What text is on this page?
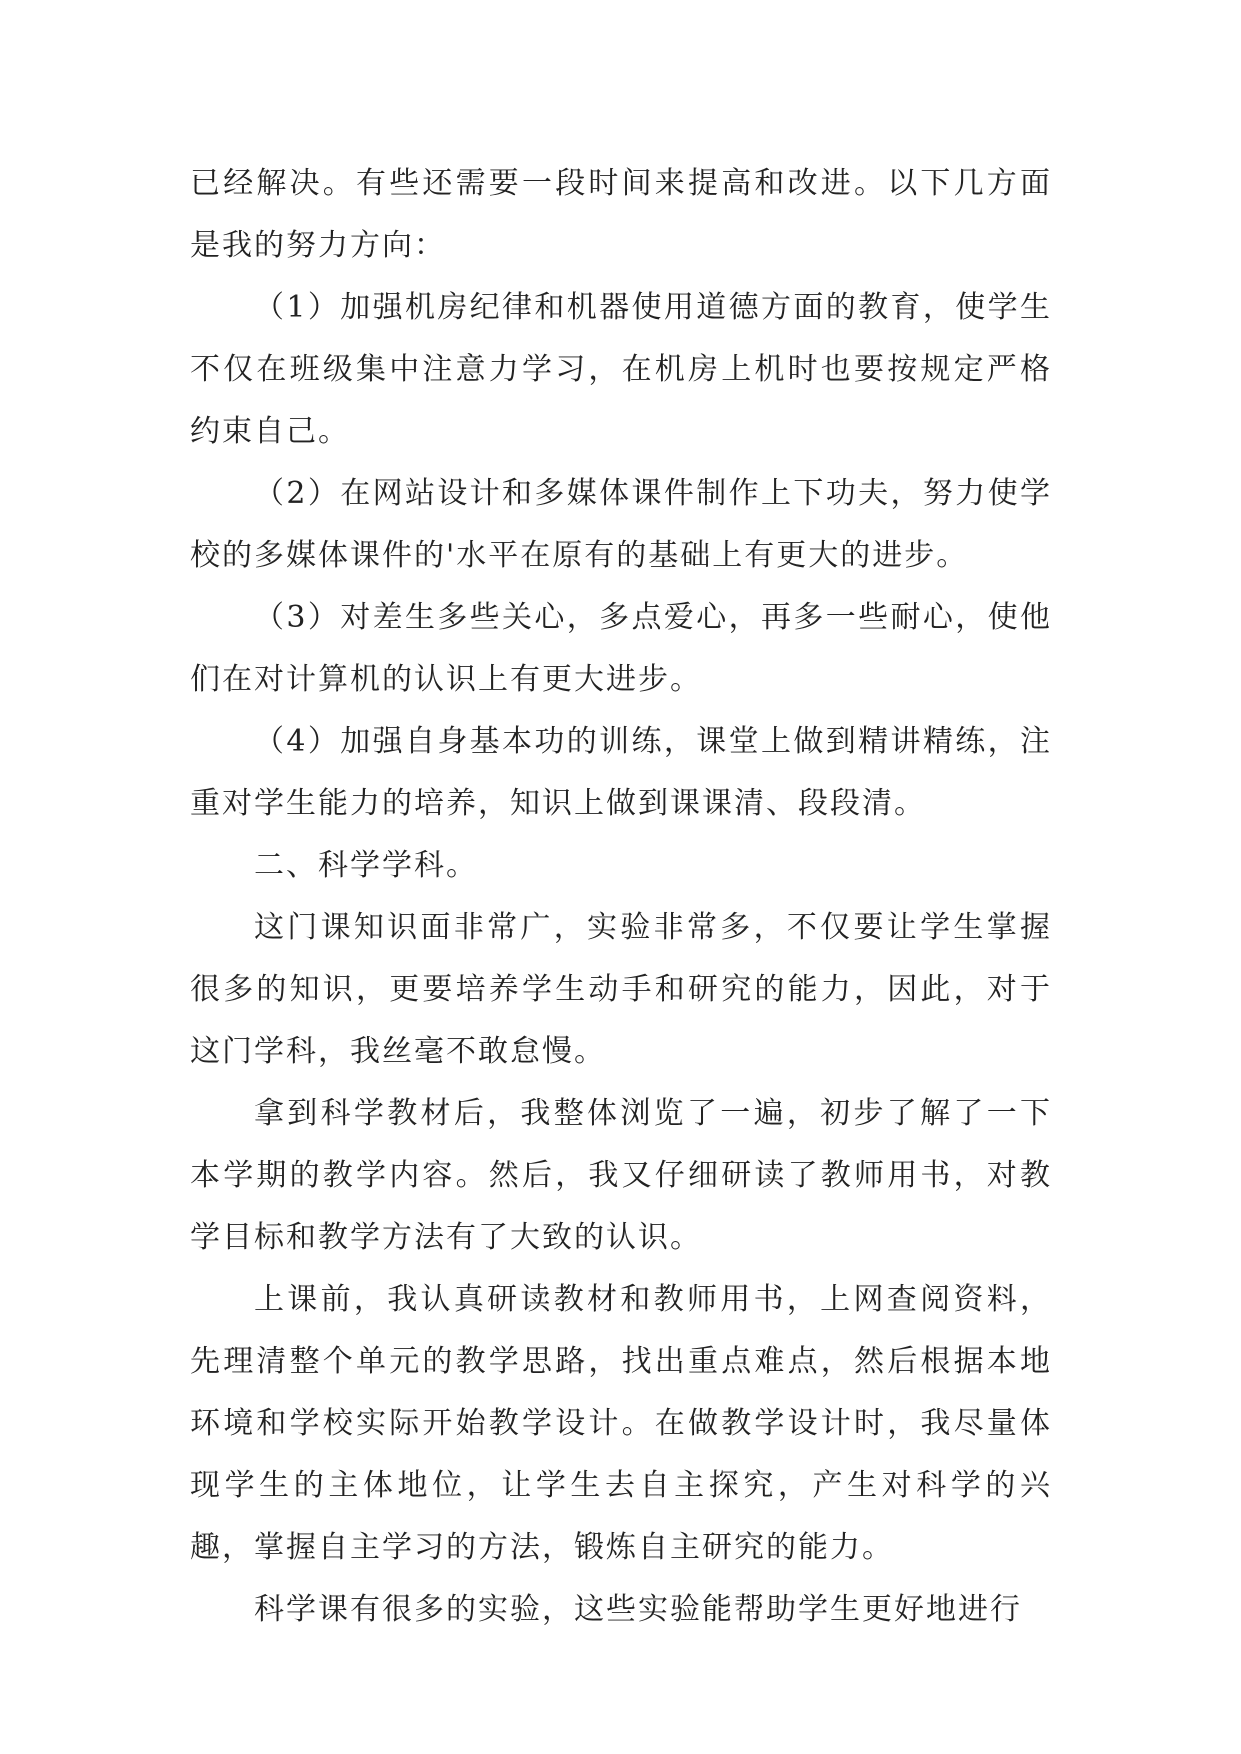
已经解决。有些还需要一段时间来提高和改进。以下几方面是我的努力方向：

（1）加强机房纪律和机器使用道德方面的教育，使学生不仅在班级集中注意力学习，在机房上机时也要按规定严格约束自己。

（2）在网站设计和多媒体课件制作上下功夫，努力使学校的多媒体课件的'水平在原有的基础上有更大的进步。

（3）对差生多些关心，多点爱心，再多一些耐心，使他们在对计算机的认识上有更大进步。

（4）加强自身基本功的训练，课堂上做到精讲精练，注重对学生能力的培养，知识上做到课课清、段段清。

二、科学学科。

这门课知识面非常广，实验非常多，不仅要让学生掌握很多的知识，更要培养学生动手和研究的能力，因此，对于这门学科，我丝毫不敢怠慢。

拿到科学教材后，我整体浏览了一遍，初步了解了一下本学期的教学内容。然后，我又仔细研读了教师用书，对教学目标和教学方法有了大致的认识。

上课前，我认真研读教材和教师用书，上网查阅资料，先理清整个单元的教学思路，找出重点难点，然后根据本地环境和学校实际开始教学设计。在做教学设计时，我尽量体现学生的主体地位，让学生去自主探究，产生对科学的兴趣，掌握自主学习的方法，锻炼自主研究的能力。

科学课有很多的实验，这些实验能帮助学生更好地进行
